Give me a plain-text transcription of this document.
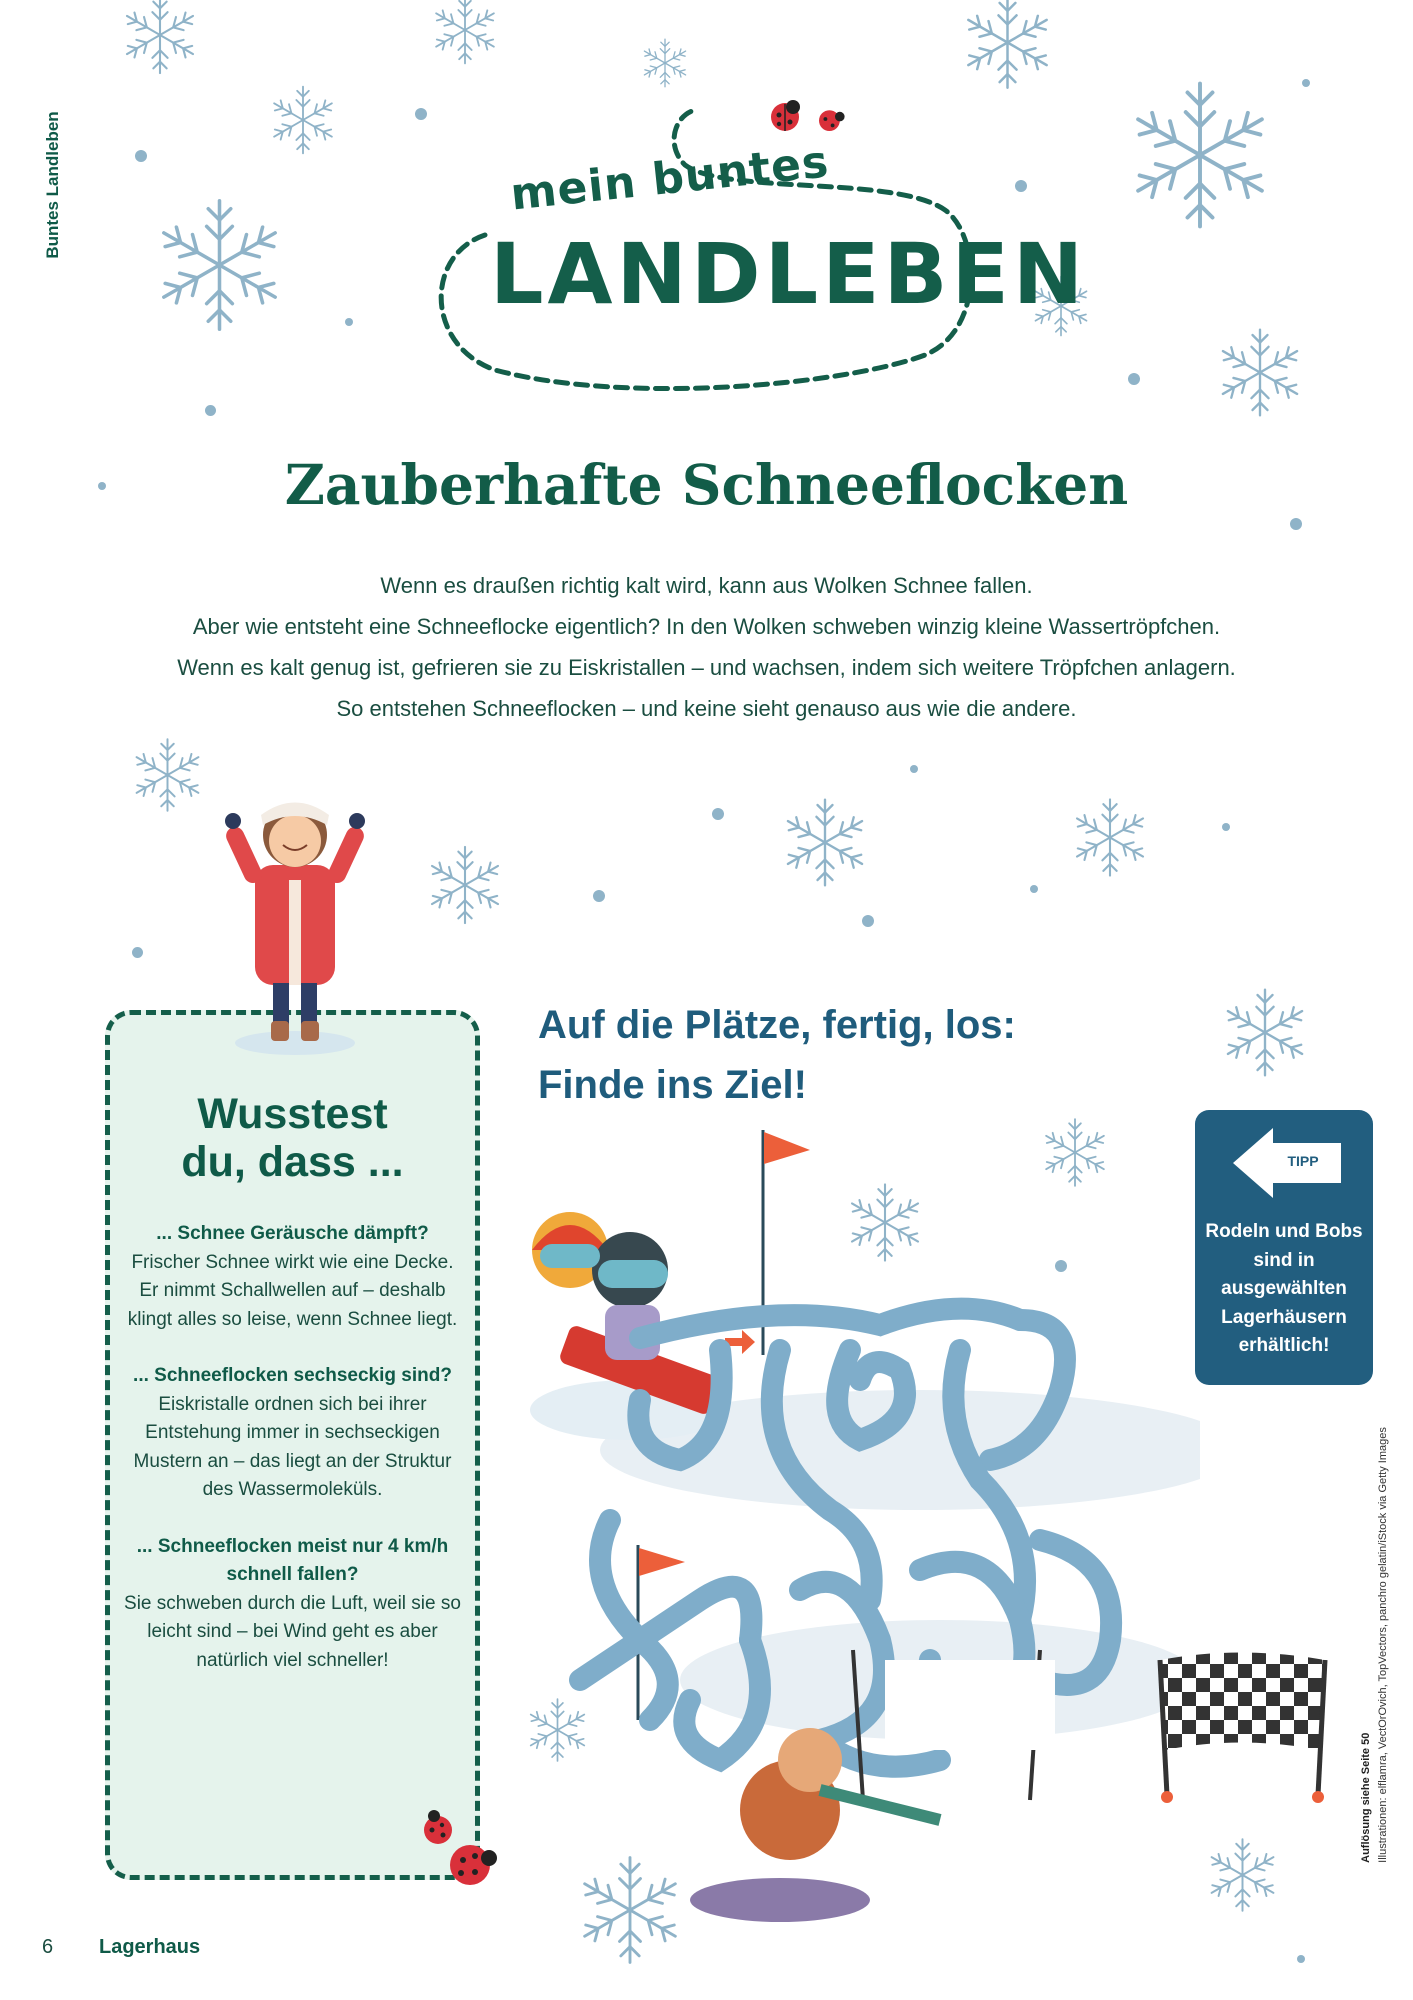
Buntes Landleben	mein buntes
LANDLEBEN
Zauberhafte Schneeflocken

Wenn es draußen richtig kalt wird, kann aus Wolken Schnee fallen.

Aber wie entsteht eine Schneeflocke eigentlich? In den Wolken schweben winzig kleine Wassertröpfchen.

Wenn es kalt genug ist, gefrieren sie zu Eiskristallen – und wachsen, indem sich weitere Tröpfchen anlagern.

So entstehen Schneeflocken – und keine sieht genauso aus wie die andere.

Wusstest
du, dass ...
... Schnee Geräusche dämpft?
Frischer Schnee wirkt wie eine Decke. Er nimmt Schallwellen auf – deshalb klingt alles so leise, wenn Schnee liegt.
... Schneeflocken sechseckig sind?
Eiskristalle ordnen sich bei ihrer Entstehung immer in sechseckigen Mustern an – das liegt an der Struktur des Wassermoleküls.
... Schneeflocken meist nur 4 km/h schnell fallen?
Sie schweben durch die Luft, weil sie so leicht sind – bei Wind geht es aber natürlich viel schneller!
Auf die Plätze, fertig, los:
Finde ins Ziel!
TIPP
Rodeln und Bobs sind in ausgewählten Lagerhäusern erhältlich!
Auflösung siehe Seite 50 Illustrationen: elflamra, VectOrOvich, TopVectors, panchro gelatin/iStock via Getty Images
6 Lagerhaus
